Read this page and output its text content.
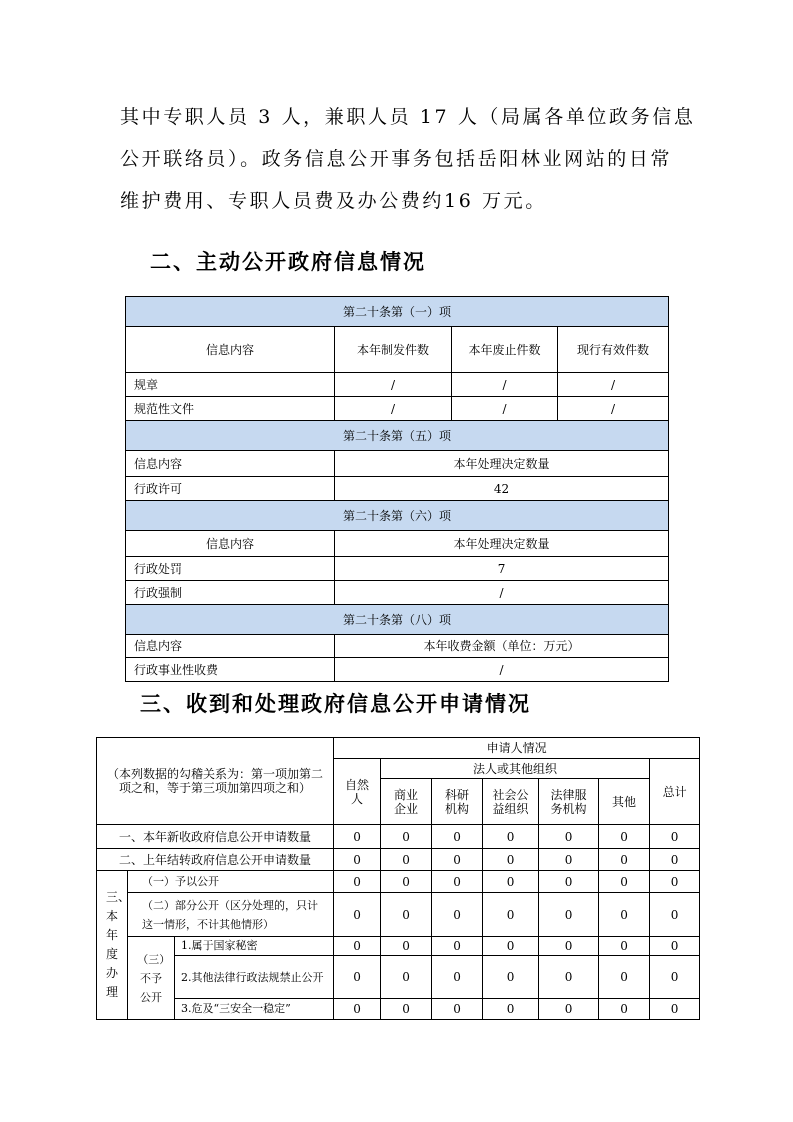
其中专职人员 3 人，兼职人员 17 人（局属各单位政务信息
公开联络员）。政务信息公开事务包括岳阳林业网站的日常
维护费用、专职人员费及办公费约16 万元。
二、主动公开政府信息情况
第二十条第（一）项			
信息内容	本年制发件数	本年废止件数	现行有效件数
规章	/	/	/
规范性文件	/	/	/
第二十条第（五）项			
信息内容	本年处理决定数量		
行政许可	42		
第二十条第（六）项			
信息内容	本年处理决定数量		
行政处罚	7		
行政强制	/		
第二十条第（八）项			
信息内容	本年收费金额（单位：万元）		
行政事业性收费	/		
三、收到和处理政府信息公开申请情况
（本列数据的勾稽关系为：第一项加第二项之和，等于第三项加第四项之和）			申请人情况						
			自然人	法人或其他组织					总计
				商业企业	科研机构	社会公益组织	法律服务机构	其他	
一、本年新收政府信息公开申请数量			0	0	0	0	0	0	0
二、上年结转政府信息公开申请数量			0	0	0	0	0	0	0

三、本年度办理	（一）予以公开		0	0	0	0	0	0	0
	（二）部分公开（区分处理的，只计这一情形，不计其他情形）		0	0	0	0	0	0	0
	（三）不予公开	1.属于国家秘密	0	0	0	0	0	0	0
		2.其他法律行政法规禁止公开	0	0	0	0	0	0	0
		3.危及“三安全一稳定”	0	0	0	0	0	0	0
